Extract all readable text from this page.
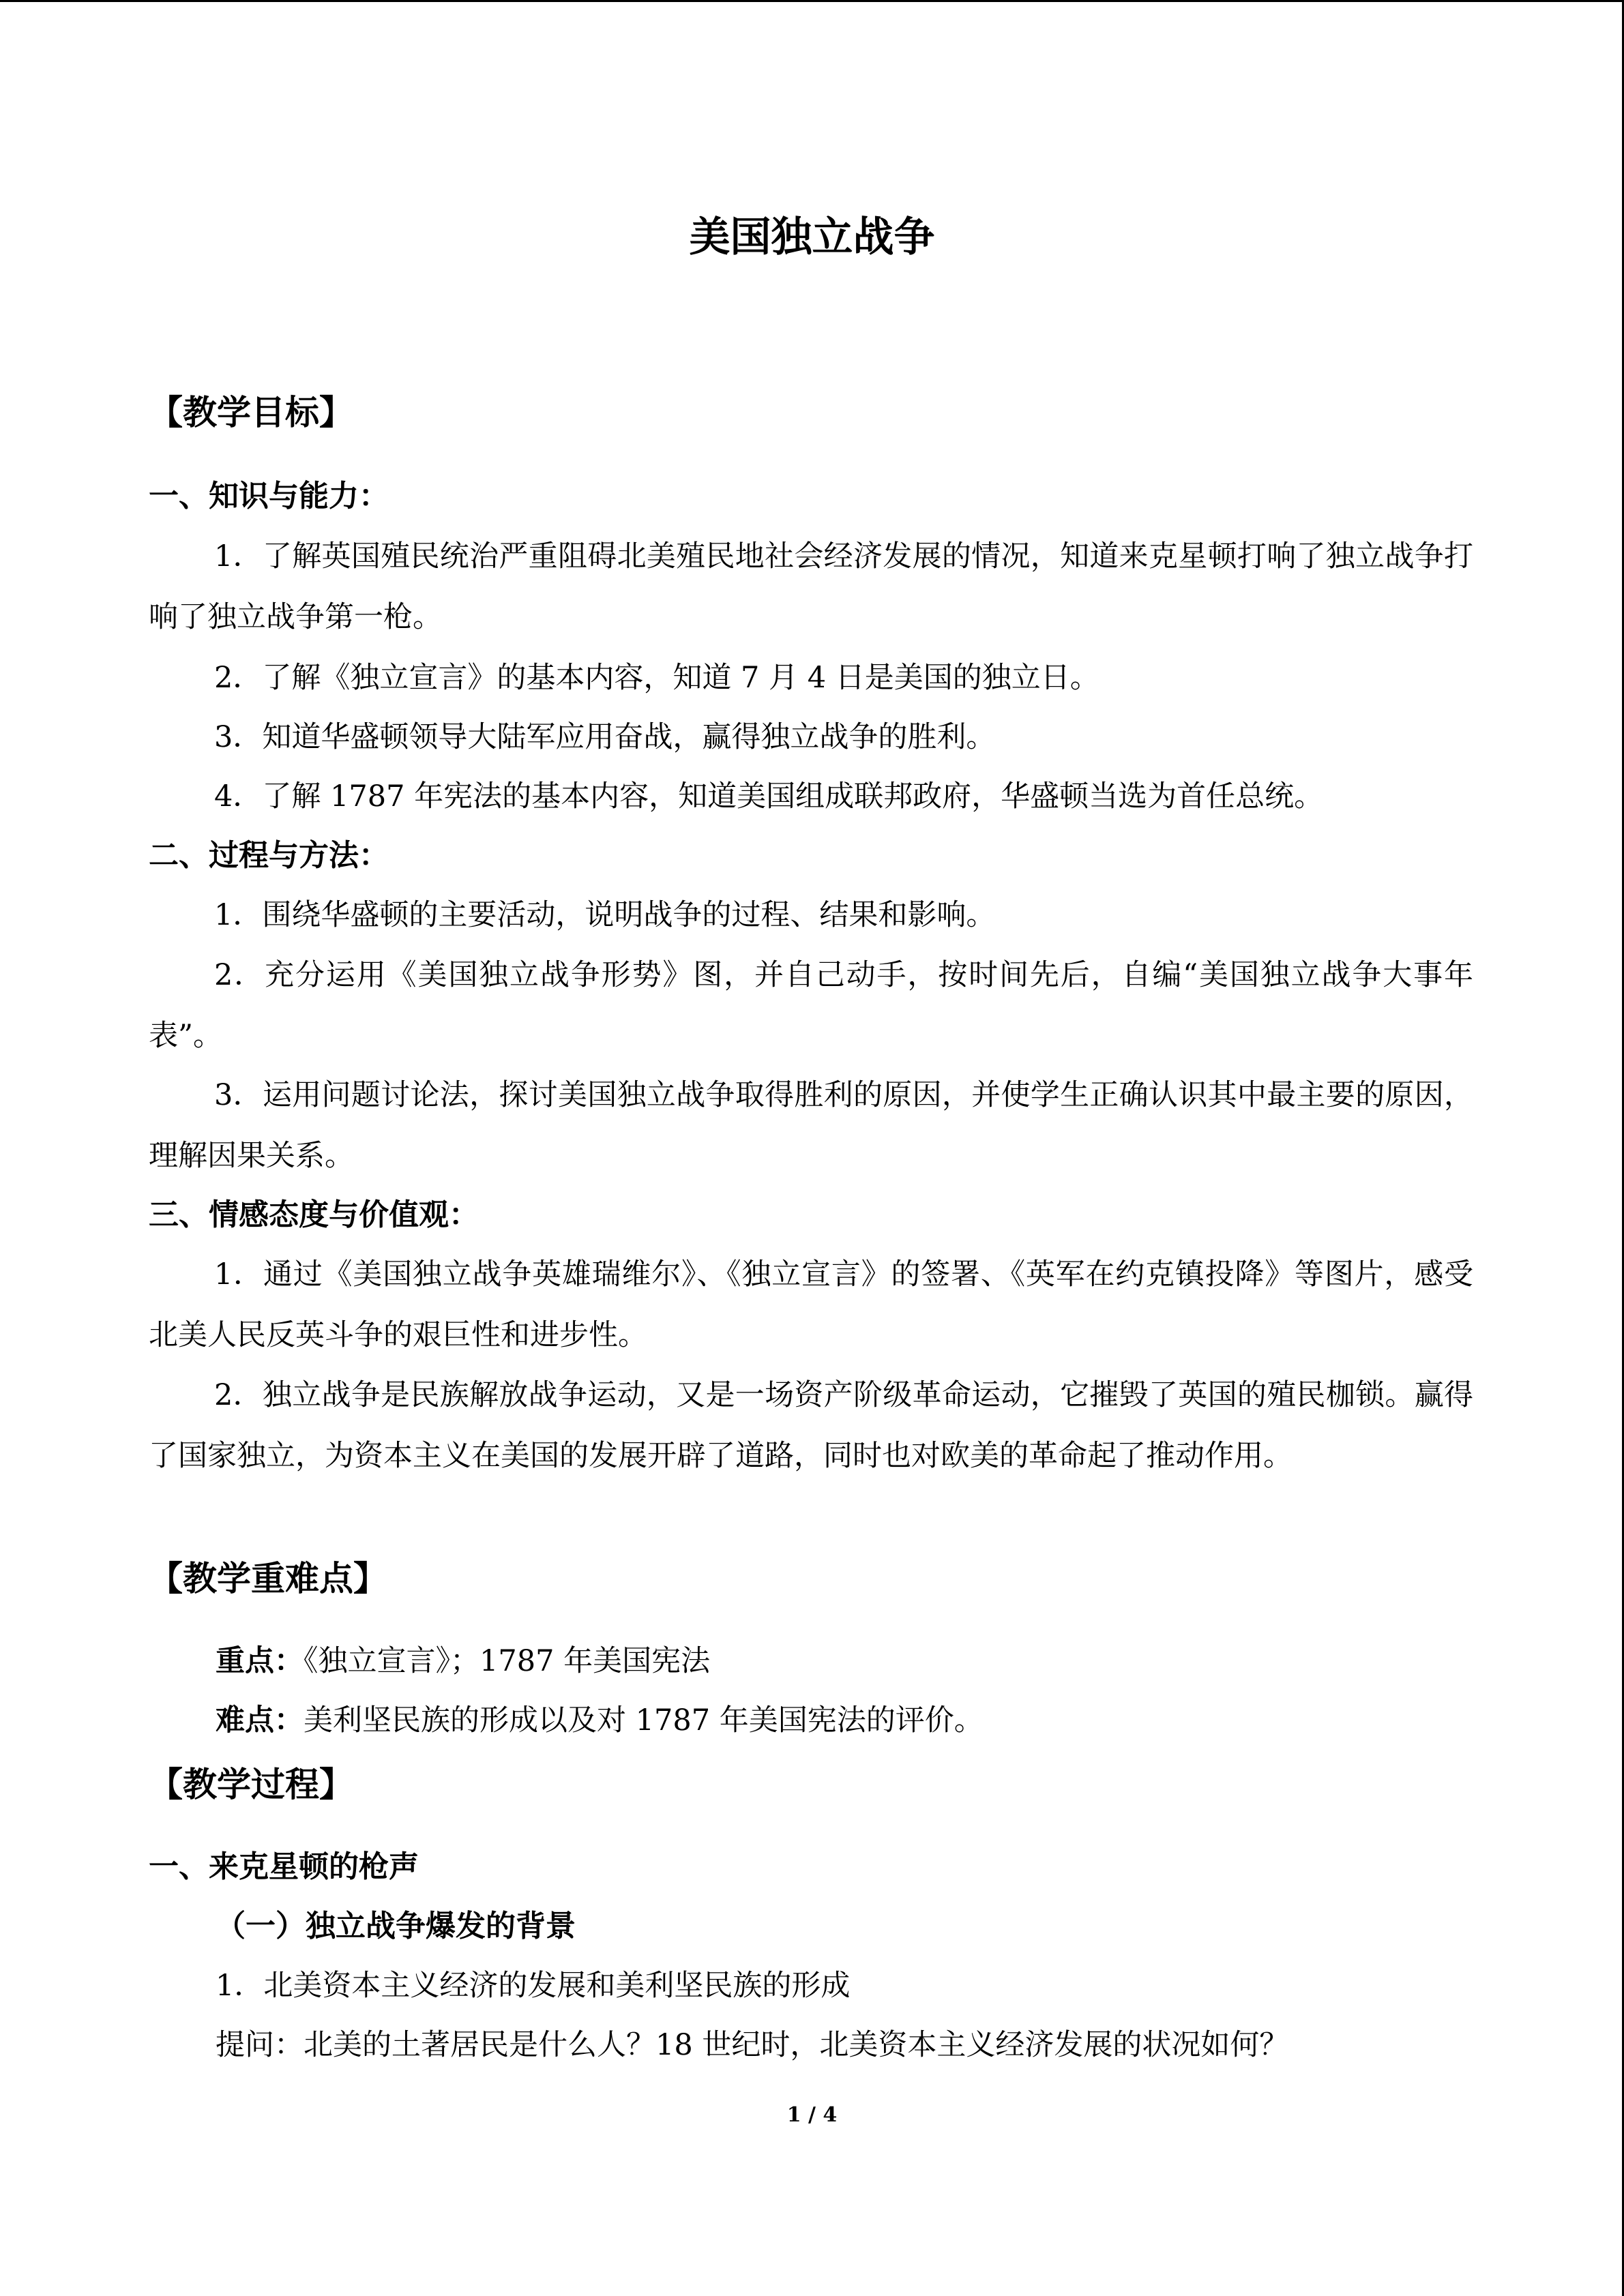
美国独立战争
【教学目标】
一、知识与能力：
1．了解英国殖民统治严重阻碍北美殖民地社会经济发展的情况，知道来克星顿打响了独立战争打响了独立战争第一枪。
2．了解《独立宣言》的基本内容，知道 7 月 4 日是美国的独立日。
3．知道华盛顿领导大陆军应用奋战，赢得独立战争的胜利。
4．了解 1787 年宪法的基本内容，知道美国组成联邦政府，华盛顿当选为首任总统。
二、过程与方法：
1．围绕华盛顿的主要活动，说明战争的过程、结果和影响。
2．充分运用《美国独立战争形势》图，并自己动手，按时间先后，自编“美国独立战争大事年表”。
3．运用问题讨论法，探讨美国独立战争取得胜利的原因，并使学生正确认识其中最主要的原因，理解因果关系。
三、情感态度与价值观：
1．通过《美国独立战争英雄瑞维尔》、《独立宣言》的签署、《英军在约克镇投降》等图片，感受北美人民反英斗争的艰巨性和进步性。
2．独立战争是民族解放战争运动，又是一场资产阶级革命运动，它摧毁了英国的殖民枷锁。赢得了国家独立，为资本主义在美国的发展开辟了道路，同时也对欧美的革命起了推动作用。
【教学重难点】
重点：《独立宣言》；1787 年美国宪法
难点：美利坚民族的形成以及对 1787 年美国宪法的评价。
【教学过程】
一、来克星顿的枪声
（一）独立战争爆发的背景
1．北美资本主义经济的发展和美利坚民族的形成
提问：北美的土著居民是什么人？18 世纪时，北美资本主义经济发展的状况如何？
1 / 4
